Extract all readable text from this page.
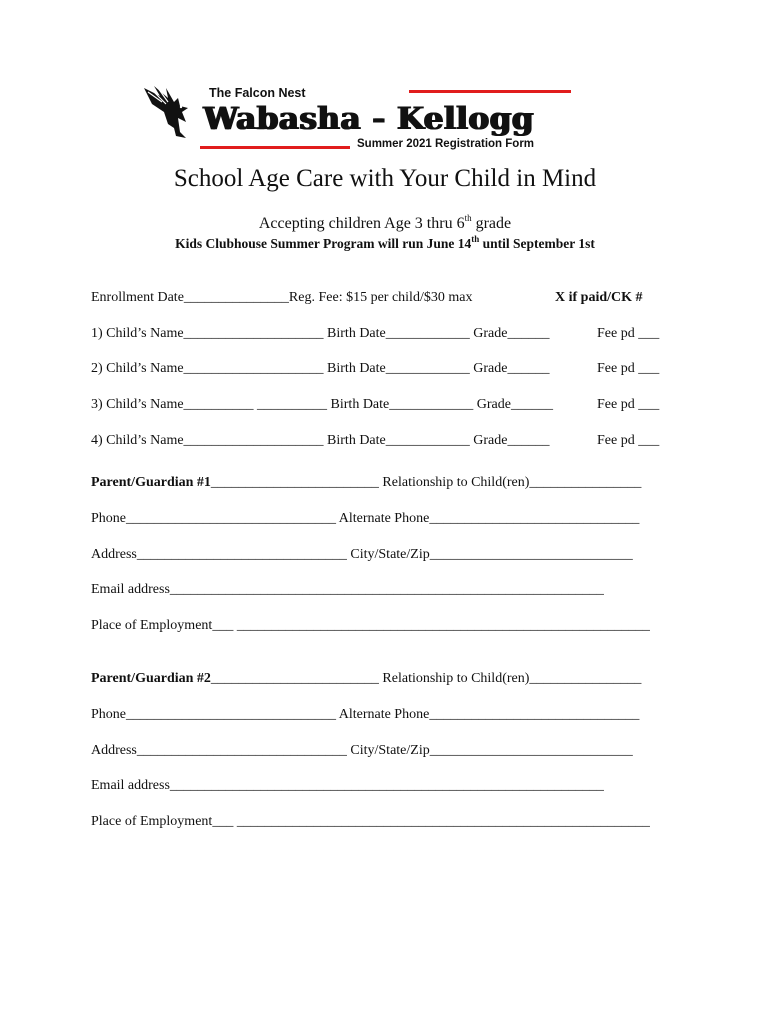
The Falcon Nest
Wabasha - Kellogg
Summer 2021 Registration Form
School Age Care with Your Child in Mind
Accepting children Age 3 thru 6th grade
Kids Clubhouse Summer Program will run June 14th until September 1st
Enrollment Date_______________Reg. Fee: $15 per child/$30 max	X if paid/CK #
1) Child’s Name____________________ Birth Date____________ Grade______	Fee pd ___
2) Child’s Name____________________ Birth Date____________ Grade______	Fee pd ___
3) Child’s Name__________ __________ Birth Date____________ Grade______	Fee pd ___
4) Child’s Name____________________ Birth Date____________ Grade______	Fee pd ___
Parent/Guardian #1________________________ Relationship to Child(ren)________________
Phone______________________________ Alternate Phone______________________________
Address______________________________ City/State/Zip_____________________________
Email address______________________________________________________________
Place of Employment___ ___________________________________________________________
Parent/Guardian #2________________________ Relationship to Child(ren)________________
Phone______________________________ Alternate Phone______________________________
Address______________________________ City/State/Zip_____________________________
Email address______________________________________________________________
Place of Employment___ ___________________________________________________________
